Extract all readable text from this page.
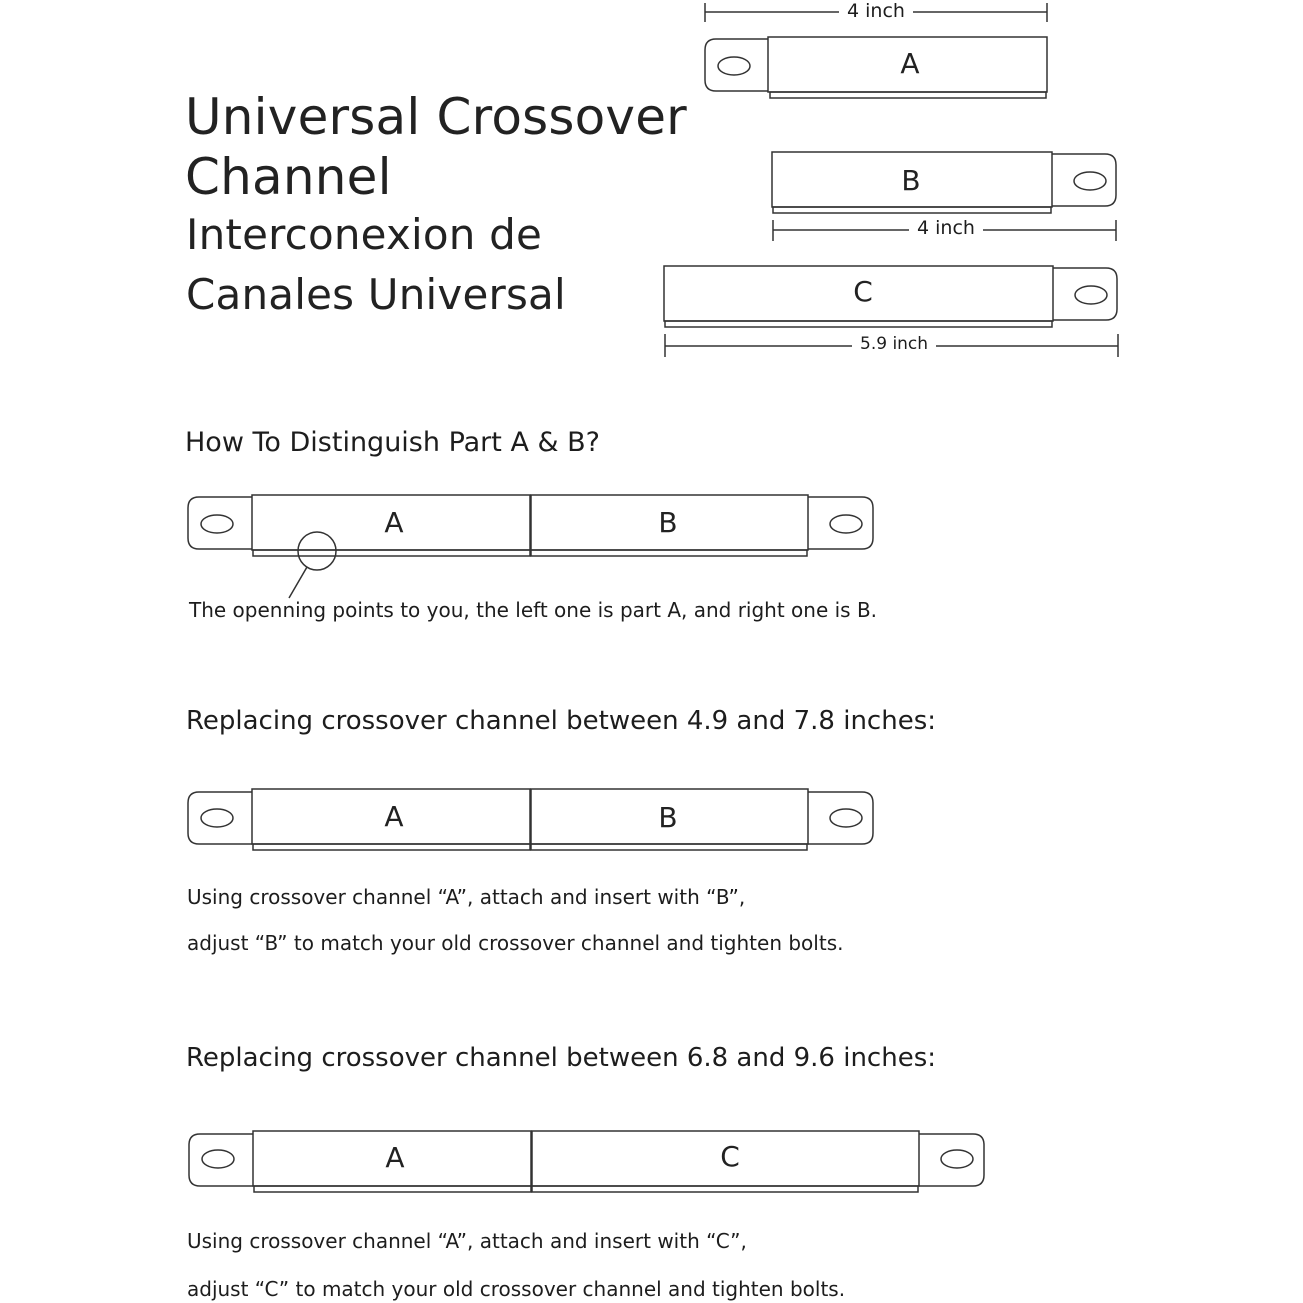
Universal Crossover
Channel
Interconexion de
Canales Universal
A
B
C
A	B
A	B
A	C
4 inch
4 inch
5.9 inch
How To Distinguish Part A & B?
The openning points to you, the left one is part A, and right one is B.
Replacing crossover channel between 4.9 and 7.8 inches:
Using crossover channel “A”, attach and insert with “B”,
adjust “B” to match your old crossover channel and tighten bolts.
Replacing crossover channel between 6.8 and 9.6 inches:
Using crossover channel “A”, attach and insert with “C”,
adjust “C” to match your old crossover channel and tighten bolts.
